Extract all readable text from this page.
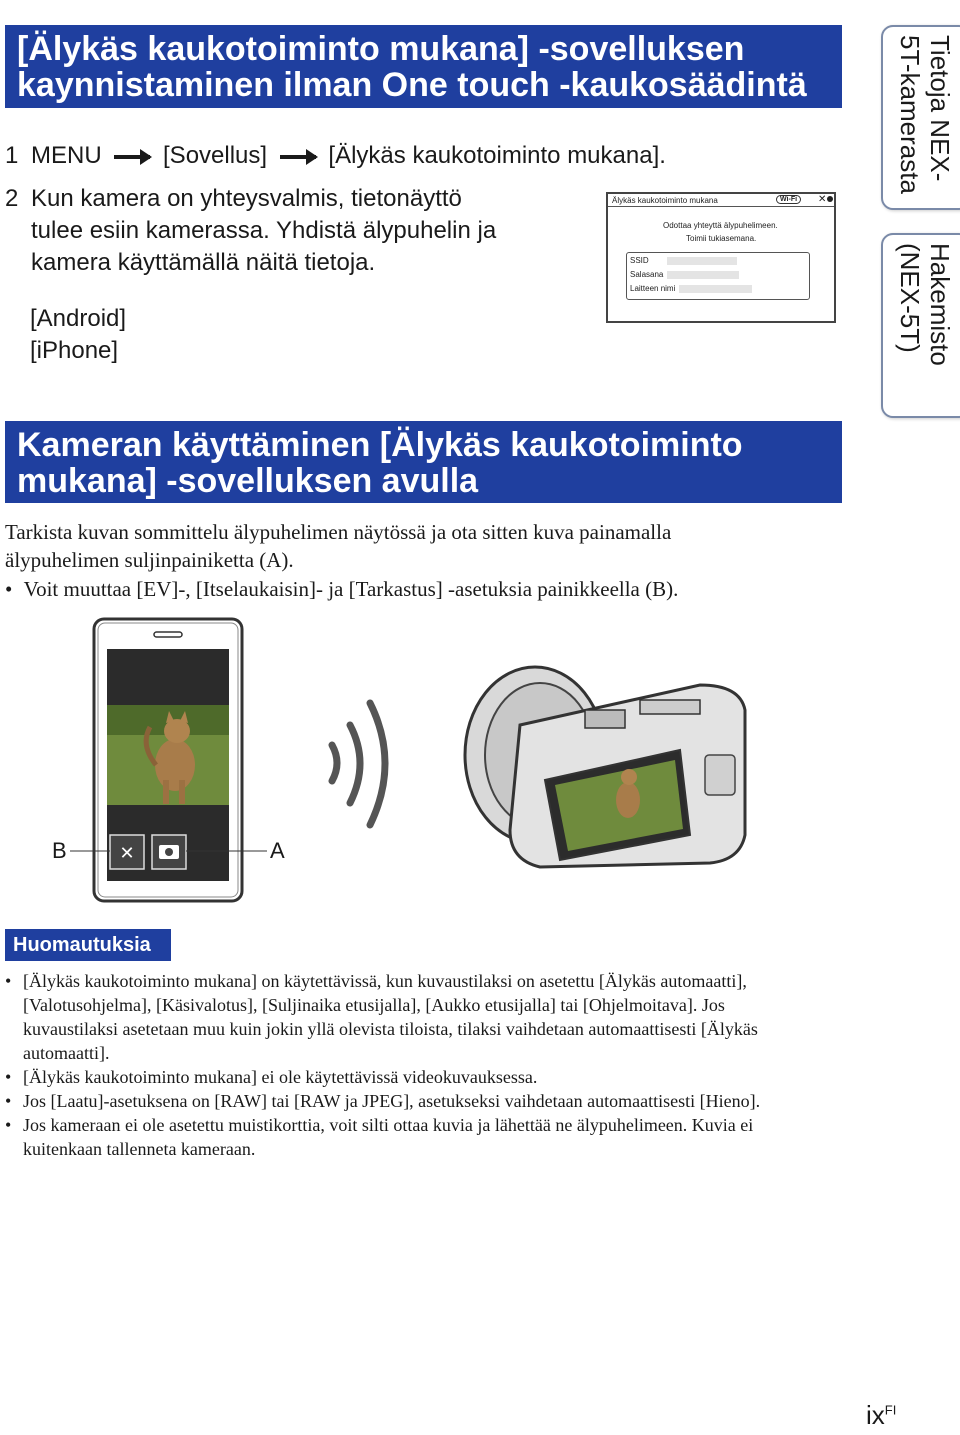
[Älykäs kaukotoiminto mukana] -sovelluksen
kaynnistaminen ilman One touch -kaukosäädintä
1 MENU	[Sovellus]	[Älykäs kaukotoiminto mukana].
2 Kun kamera on yhteysvalmis, tietonäyttö
tulee esiin kamerassa. Yhdistä älypuhelin ja
kamera käyttämällä näitä tietoja.
[Android]
[iPhone]
Älykäs kaukotoiminto mukana	Wi-Fi	✕
Odottaa yhteyttä älypuhelimeen.
Toimii tukiasemana.
SSID
Salasana
Laitteen nimi
Tietoja NEX-5T-kamerasta
Hakemisto (NEX-5T)
Kameran käyttäminen [Älykäs kaukotoiminto
mukana] -sovelluksen avulla
Tarkista kuvan sommittelu älypuhelimen näytössä ja ota sitten kuva painamalla
älypuhelimen suljinpainiketta (A).
• Voit muuttaa [EV]-, [Itselaukaisin]- ja [Tarkastus] -asetuksia painikkeella (B).
✕
B	A
Huomautuksia
• [Älykäs kaukotoiminto mukana] on käytettävissä, kun kuvaustilaksi on asetettu [Älykäs automaatti],
[Valotusohjelma], [Käsivalotus], [Suljinaika etusijalla], [Aukko etusijalla] tai [Ohjelmoitava]. Jos
kuvaustilaksi asetetaan muu kuin jokin yllä olevista tiloista, tilaksi vaihdetaan automaattisesti [Älykäs
automaatti].
• [Älykäs kaukotoiminto mukana] ei ole käytettävissä videokuvauksessa.
• Jos [Laatu]-asetuksena on [RAW] tai [RAW ja JPEG], asetukseksi vaihdetaan automaattisesti [Hieno].
• Jos kameraan ei ole asetettu muistikorttia, voit silti ottaa kuvia ja lähettää ne älypuhelimeen. Kuvia ei
kuitenkaan tallenneta kameraan.
$ix^{FI}$
